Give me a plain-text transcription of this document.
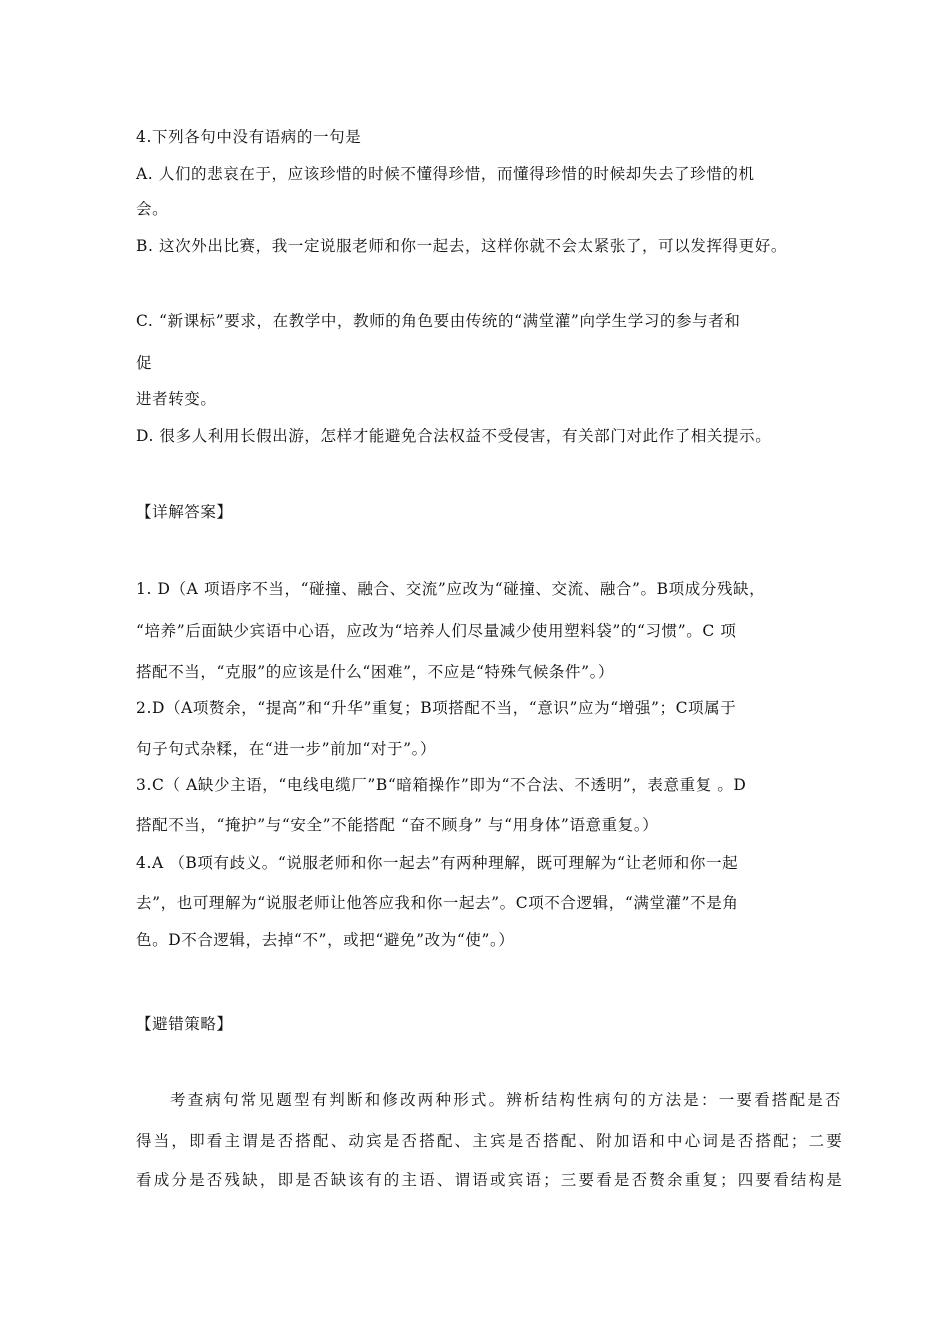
4.下列各句中没有语病的一句是
A. 人们的悲哀在于，应该珍惜的时候不懂得珍惜，而懂得珍惜的时候却失去了珍惜的机
会。
B. 这次外出比赛，我一定说服老师和你一起去，这样你就不会太紧张了，可以发挥得更好。
C. “新课标”要求，在教学中，教师的角色要由传统的“满堂灌”向学生学习的参与者和
促
进者转变。
D. 很多人利用长假出游，怎样才能避免合法权益不受侵害，有关部门对此作了相关提示。
【详解答案】
1. D（A 项语序不当，“碰撞、融合、交流”应改为“碰撞、交流、融合”。B项成分残缺，
“培养”后面缺少宾语中心语，应改为“培养人们尽量减少使用塑料袋”的“习惯”。C 项
搭配不当，“克服”的应该是什么“困难”，不应是“特殊气候条件”。）
2.D（A项赘余，“提高”和“升华”重复；B项搭配不当，“意识”应为“增强”；C项属于
句子句式杂糅，在“进一步”前加“对于”。）
3.C（ A缺少主语，“电线电缆厂”B“暗箱操作”即为“不合法、不透明”，表意重复 。D
搭配不当，“掩护”与“安全”不能搭配 “奋不顾身” 与“用身体”语意重复。）
4.A （B项有歧义。“说服老师和你一起去”有两种理解，既可理解为“让老师和你一起
去”，也可理解为“说服老师让他答应我和你一起去”。C项不合逻辑，“满堂灌”不是角
色。D不合逻辑，去掉“不”，或把“避免”改为“使”。）
【避错策略】
考查病句常见题型有判断和修改两种形式。辨析结构性病句的方法是：一要看搭配是否
得当，即看主谓是否搭配、动宾是否搭配、主宾是否搭配、附加语和中心词是否搭配；二要
看成分是否残缺，即是否缺该有的主语、谓语或宾语；三要看是否赘余重复；四要看结构是
